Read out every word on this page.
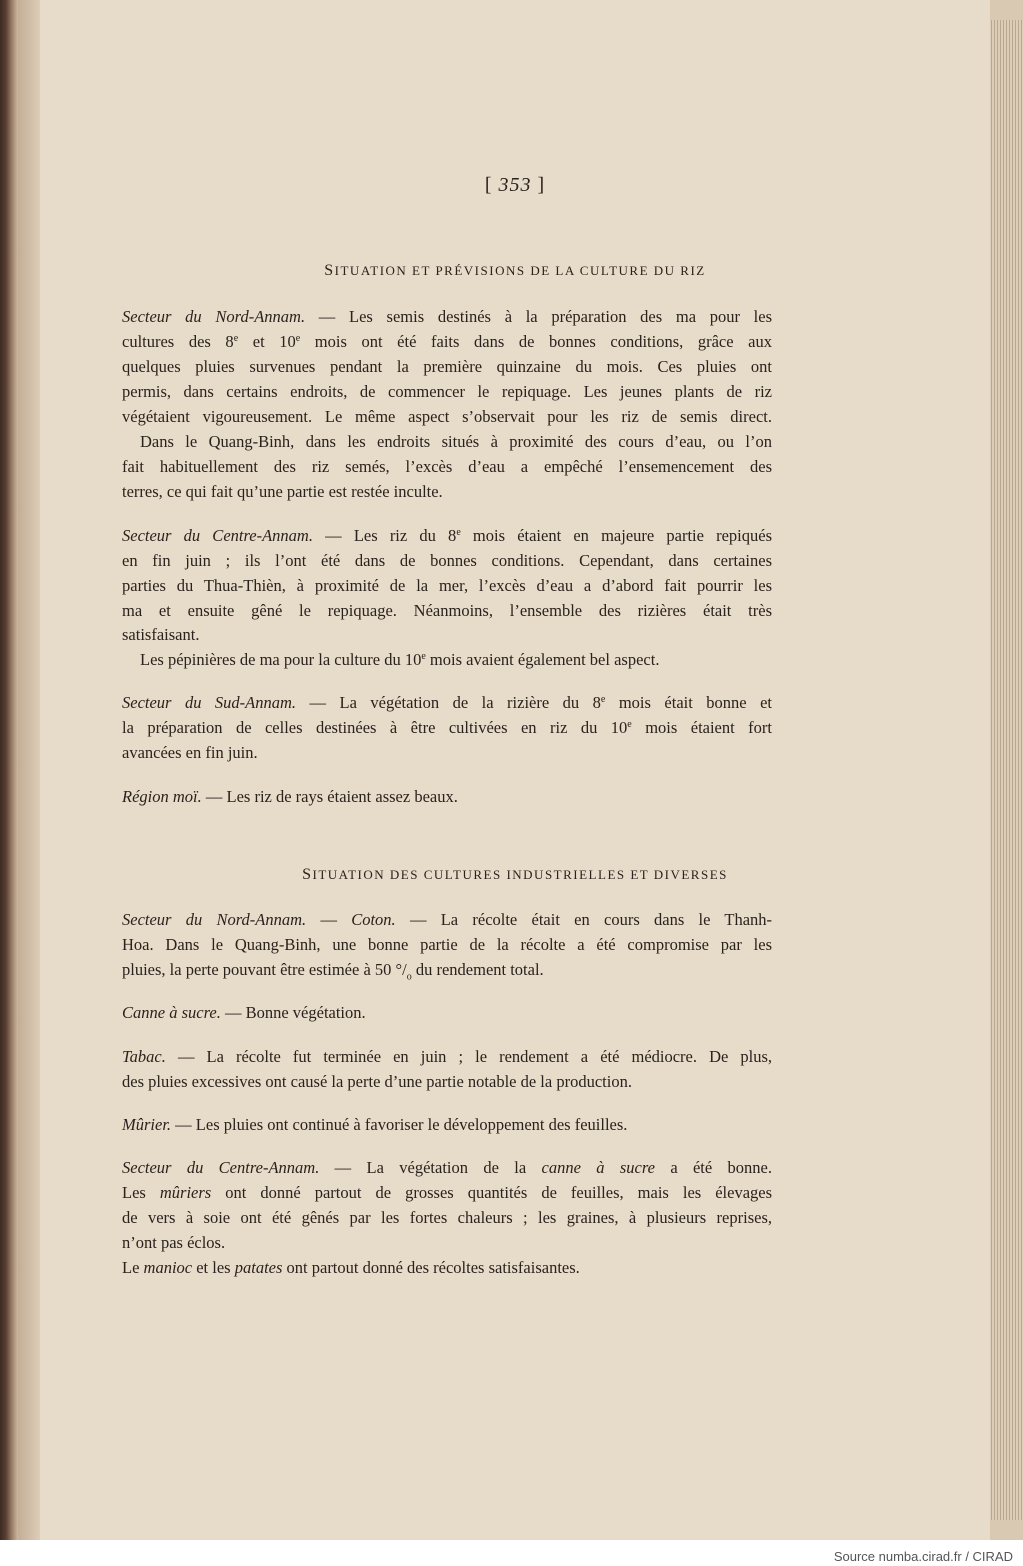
[ 353 ]
SITUATION ET PRÉVISIONS DE LA CULTURE DU RIZ
Secteur du Nord-Annam. — Les semis destinés à la préparation des ma pour les
cultures des 8e et 10e mois ont été faits dans de bonnes conditions, grâce aux
quelques pluies survenues pendant la première quinzaine du mois. Ces pluies ont
permis, dans certains endroits, de commencer le repiquage. Les jeunes plants de riz
végétaient vigoureusement. Le même aspect s’observait pour les riz de semis direct.
Dans le Quang-Binh, dans les endroits situés à proximité des cours d’eau, ou l’on
fait habituellement des riz semés, l’excès d’eau a empêché l’ensemencement des
terres, ce qui fait qu’une partie est restée inculte.
Secteur du Centre-Annam. — Les riz du 8e mois étaient en majeure partie repiqués
en fin juin ; ils l’ont été dans de bonnes conditions. Cependant, dans certaines
parties du Thua-Thièn, à proximité de la mer, l’excès d’eau a d’abord fait pourrir les
ma et ensuite gêné le repiquage. Néanmoins, l’ensemble des rizières était très
satisfaisant.
Les pépinières de ma pour la culture du 10e mois avaient également bel aspect.
Secteur du Sud-Annam. — La végétation de la rizière du 8e mois était bonne et
la préparation de celles destinées à être cultivées en riz du 10e mois étaient fort
avancées en fin juin.
Région moï. — Les riz de rays étaient assez beaux.
SITUATION DES CULTURES INDUSTRIELLES ET DIVERSES
Secteur du Nord-Annam. — Coton. — La récolte était en cours dans le Thanh-
Hoa. Dans le Quang-Binh, une bonne partie de la récolte a été compromise par les
pluies, la perte pouvant être estimée à 50 $^\circ/_o$ du rendement total.
Canne à sucre. — Bonne végétation.
Tabac. — La récolte fut terminée en juin ; le rendement a été médiocre. De plus,
des pluies excessives ont causé la perte d’une partie notable de la production.
Mûrier. — Les pluies ont continué à favoriser le développement des feuilles.
Secteur du Centre-Annam. — La végétation de la canne à sucre a été bonne.
Les mûriers ont donné partout de grosses quantités de feuilles, mais les élevages
de vers à soie ont été gênés par les fortes chaleurs ; les graines, à plusieurs reprises,
n’ont pas éclos.
Le manioc et les patates ont partout donné des récoltes satisfaisantes.
Source numba.cirad.fr / CIRAD
